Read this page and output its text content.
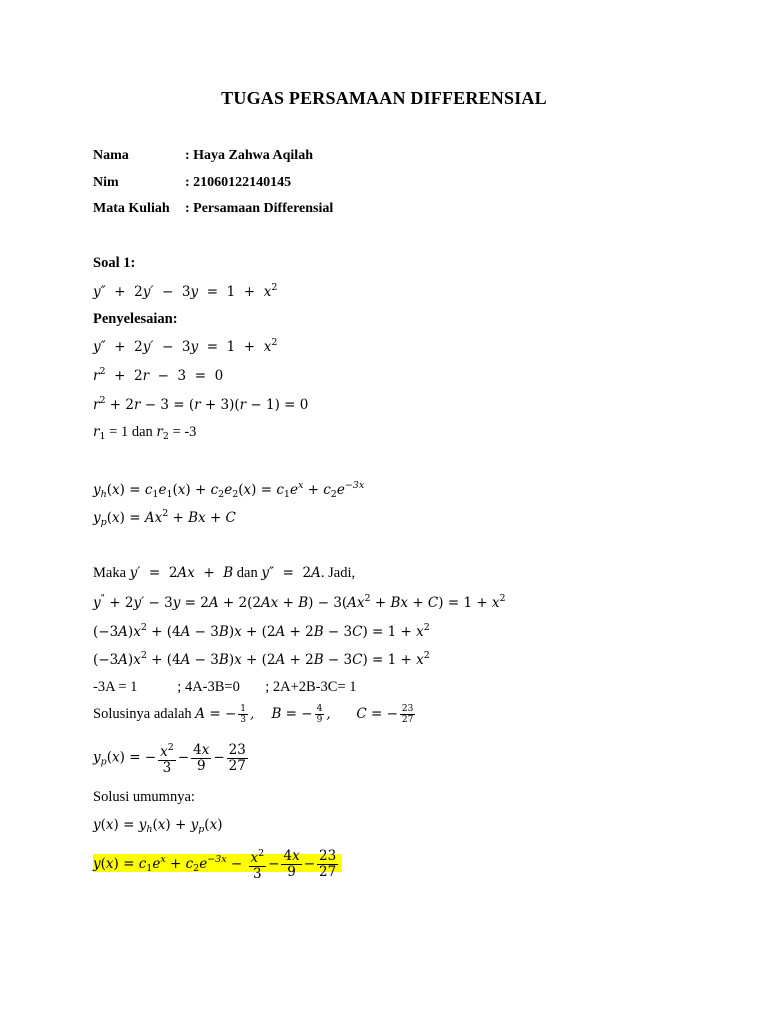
TUGAS PERSAMAAN DIFFERENSIAL
Nama	: Haya Zahwa Aqilah
Nim	: 21060122140145
Mata Kuliah : Persamaan Differensial
Soal 1:
$y'' + 2y' - 3y = 1 + x^2$
Penyelesaian:
$y'' + 2y' - 3y = 1 + x^2$
$r^2 + 2r - 3 = 0$
$r^2 + 2r - 3 = (r + 3)(r - 1) = 0$
$r_1 = 1$ dan $r_2 = -3$
$y_h(x) = c_1e_1(x) + c_2e_2(x) = c_1e^x + c_2e^{-3x}$
$y_p(x) = Ax^2 + Bx + C$
Maka y′  =  2Ax  +  B dan y″  =  2A. Jadi,
$y^" + 2y' - 3y = 2A + 2(2Ax + B) - 3(Ax^2 + Bx + C) = 1 + x^2$
$(-3A)x^2 + (4A - 3B)x + (2A + 2B - 3C) = 1 + x^2$
$(-3A)x^2 + (4A - 3B)x + (2A + 2B - 3C) = 1 + x^2$
-3A = 1           ; 4A-3B=0       ; 2A+2B-3C= 1
Solusinya adalah A = − $\frac{1}{3}$ ,    B = − $\frac{4}{9}$ ,      C = − $\frac{23}{27}$
$y_p(x)$ = − $\frac{x^2}{3} - \frac{4x}{9} - \frac{23}{27}$
Solusi umumnya:
$y(x) = y_h(x) + y_p(x)$
$y(x) = c_1e^x + c_2e^{-3x} - \frac{x^2}{3} - \frac{4x}{9} - \frac{23}{27}$
